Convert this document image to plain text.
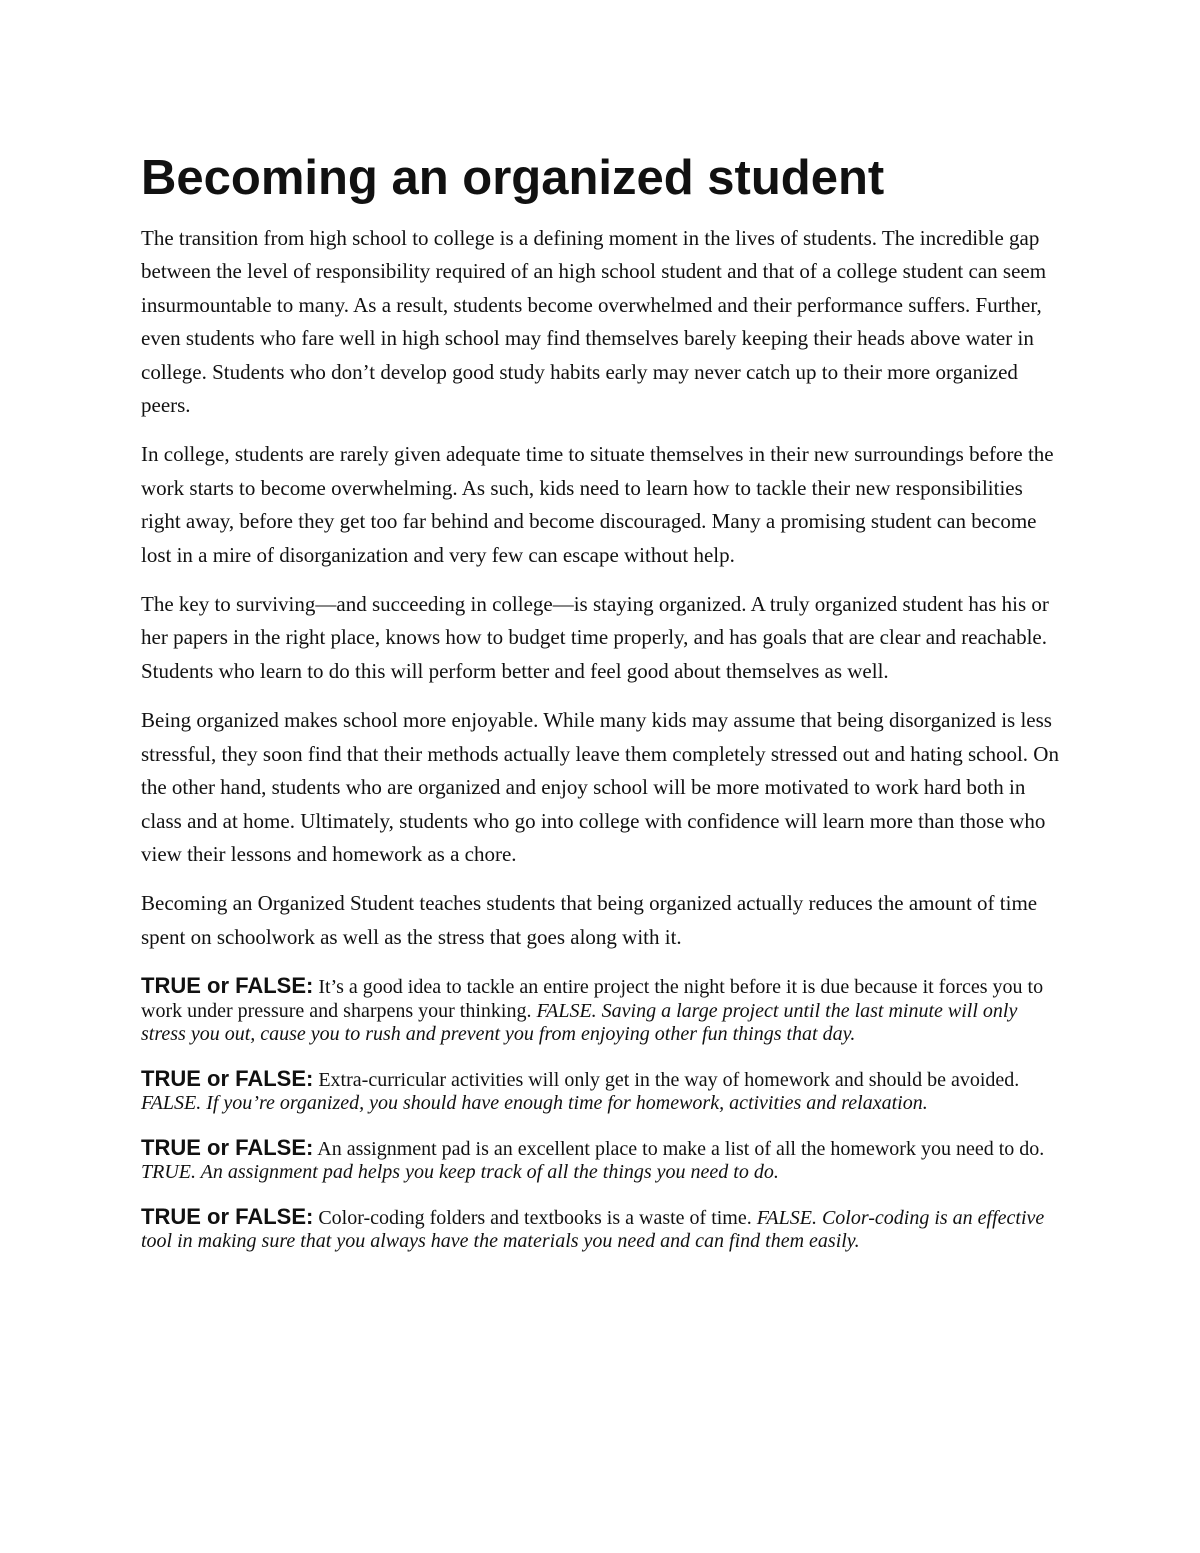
Becoming an organized student

The transition from high school to college is a defining moment in the lives of students. The incredible gap between the level of responsibility required of an high school student and that of a college student can seem insurmountable to many. As a result, students become overwhelmed and their performance suffers. Further, even students who fare well in high school may find themselves barely keeping their heads above water in college. Students who don’t develop good study habits early may never catch up to their more organized peers.

In college, students are rarely given adequate time to situate themselves in their new surroundings before the work starts to become overwhelming. As such, kids need to learn how to tackle their new responsibilities right away, before they get too far behind and become discouraged. Many a promising student can become lost in a mire of disorganization and very few can escape without help.

The key to surviving—and succeeding in college—is staying organized. A truly organized student has his or her papers in the right place, knows how to budget time properly, and has goals that are clear and reachable. Students who learn to do this will perform better and feel good about themselves as well.

Being organized makes school more enjoyable. While many kids may assume that being disorganized is less stressful, they soon find that their methods actually leave them completely stressed out and hating school. On the other hand, students who are organized and enjoy school will be more motivated to work hard both in class and at home. Ultimately, students who go into college with confidence will learn more than those who view their lessons and homework as a chore.

Becoming an Organized Student teaches students that being organized actually reduces the amount of time spent on schoolwork as well as the stress that goes along with it.

TRUE or FALSE: It’s a good idea to tackle an entire project the night before it is due because it forces you to work under pressure and sharpens your thinking. FALSE. Saving a large project until the last minute will only stress you out, cause you to rush and prevent you from enjoying other fun things that day.

TRUE or FALSE: Extra-curricular activities will only get in the way of homework and should be avoided. FALSE. If you’re organized, you should have enough time for homework, activities and relaxation.

TRUE or FALSE: An assignment pad is an excellent place to make a list of all the homework you need to do. TRUE. An assignment pad helps you keep track of all the things you need to do.

TRUE or FALSE: Color-coding folders and textbooks is a waste of time. FALSE. Color-coding is an effective tool in making sure that you always have the materials you need and can find them easily.
